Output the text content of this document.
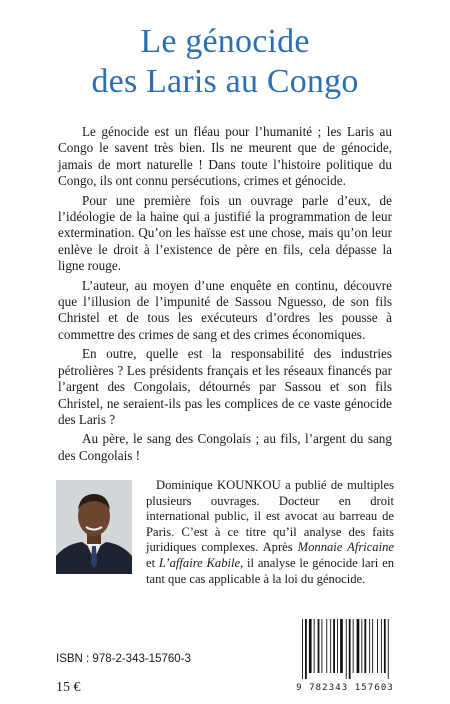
Le génocide
des Laris au Congo

Le génocide est un fléau pour l’humanité ; les Laris au Congo le savent très bien. Ils ne meurent que de génocide, jamais de mort naturelle ! Dans toute l’histoire politique du Congo, ils ont connu persécutions, crimes et génocide.

Pour une première fois un ouvrage parle d’eux, de l’idéologie de la haine qui a justifié la programmation de leur extermination. Qu’on les haïsse est une chose, mais qu’on leur enlève le droit à l’existence de père en fils, cela dépasse la ligne rouge.

L’auteur, au moyen d’une enquête en continu, découvre que l’illusion de l’impunité de Sassou Nguesso, de son fils Christel et de tous les exécuteurs d’ordres les pousse à commettre des crimes de sang et des crimes économiques.

En outre, quelle est la responsabilité des industries pétrolières ? Les présidents français et les réseaux financés par l’argent des Congolais, détournés par Sassou et son fils Christel, ne seraient-ils pas les complices de ce vaste génocide des Laris ?

Au père, le sang des Congolais ; au fils, l’argent du sang des Congolais !

Dominique KOUNKOU a publié de multiples plusieurs ouvrages. Docteur en droit international public, il est avocat au barreau de Paris. C’est à ce titre qu’il analyse des faits juridiques complexes. Après Monnaie Africaine et L’affaire Kabile, il analyse le génocide lari en tant que cas applicable à la loi du génocide.

ISBN : 978-2-343-15760-3
15 €	9 782343 157603
